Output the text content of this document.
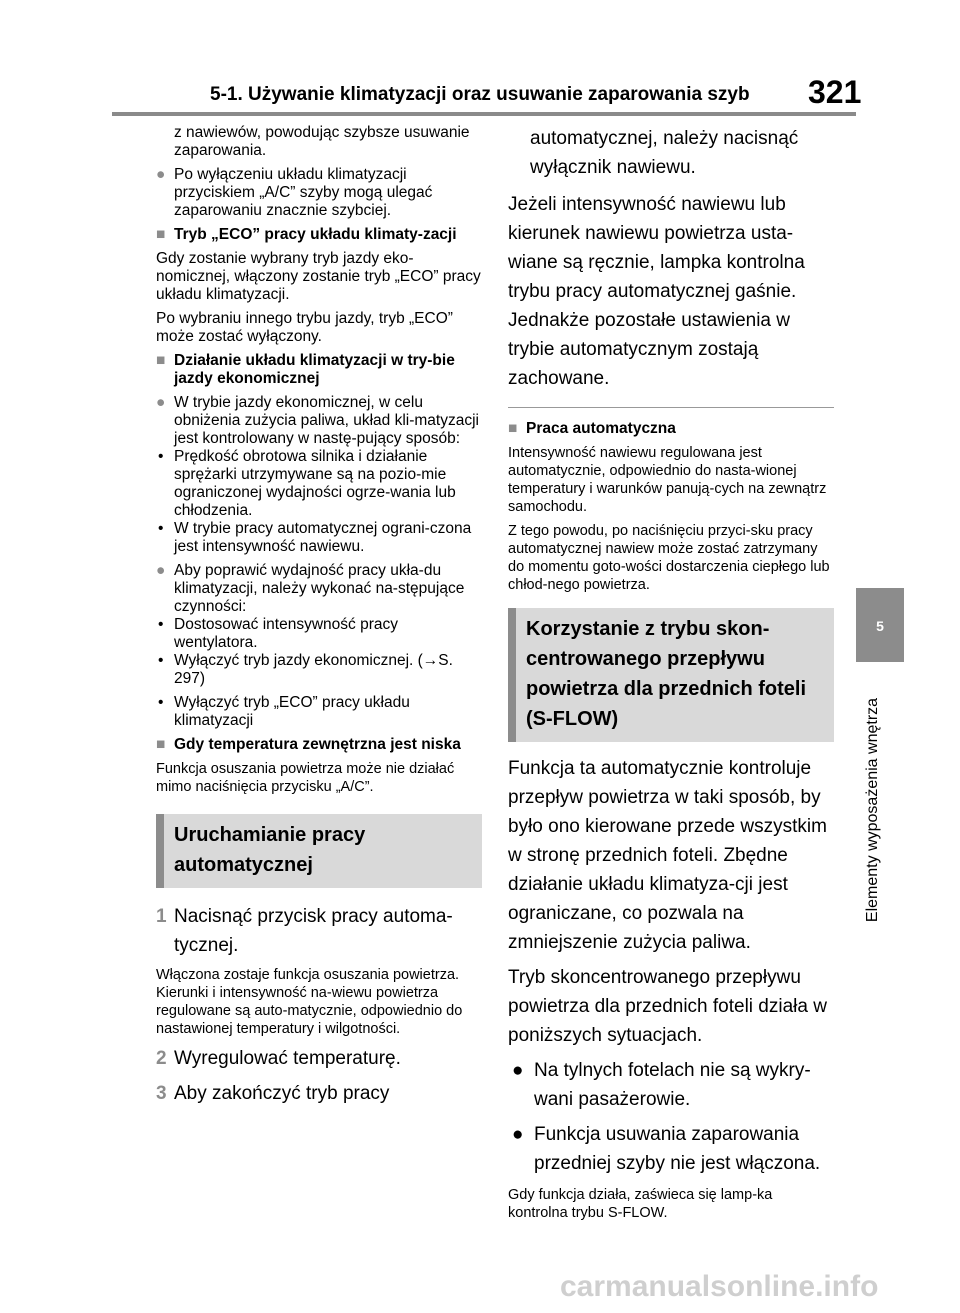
5-1. Używanie klimatyzacji oraz usuwanie zaparowania szyb 321
5
Elementy wyposażenia wnętrza

z nawiewów, powodując szybsze usuwanie zaparowania.

● Po wyłączeniu układu klimatyzacji przyciskiem „A/C” szyby mogą ulegać zaparowaniu znacznie szybciej.

■ Tryb „ECO” pracy układu klimaty-zacji

Gdy zostanie wybrany tryb jazdy eko-nomicznej, włączony zostanie tryb „ECO” pracy układu klimatyzacji.

Po wybraniu innego trybu jazdy, tryb „ECO” może zostać wyłączony.

■ Działanie układu klimatyzacji w try-bie jazdy ekonomicznej

● W trybie jazdy ekonomicznej, w celu obniżenia zużycia paliwa, układ kli-matyzacji jest kontrolowany w nastę-pujący sposób:

• Prędkość obrotowa silnika i działanie sprężarki utrzymywane są na pozio-mie ograniczonej wydajności ogrze-wania lub chłodzenia.

• W trybie pracy automatycznej ograni-czona jest intensywność nawiewu.

● Aby poprawić wydajność pracy ukła-du klimatyzacji, należy wykonać na-stępujące czynności:

• Dostosować intensywność pracy wentylatora.

• Wyłączyć tryb jazdy ekonomicznej. (→S. 297)

• Wyłączyć tryb „ECO” pracy układu klimatyzacji

■ Gdy temperatura zewnętrzna jest niska

Funkcja osuszania powietrza może nie działać mimo naciśnięcia przycisku „A/C”.

Uruchamianie pracy automatycznej

1 Nacisnąć przycisk pracy automa-tycznej.

Włączona zostaje funkcja osuszania powietrza. Kierunki i intensywność na-wiewu powietrza regulowane są auto-matycznie, odpowiednio do nastawionej temperatury i wilgotności.

2 Wyregulować temperaturę.

3 Aby zakończyć tryb pracy

automatycznej, należy nacisnąć wyłącznik nawiewu.

Jeżeli intensywność nawiewu lub kierunek nawiewu powietrza usta-wiane są ręcznie, lampka kontrolna trybu pracy automatycznej gaśnie. Jednakże pozostałe ustawienia w trybie automatycznym zostają zachowane.

■ Praca automatyczna

Intensywność nawiewu regulowana jest automatycznie, odpowiednio do nasta-wionej temperatury i warunków panują-cych na zewnątrz samochodu.

Z tego powodu, po naciśnięciu przyci-sku pracy automatycznej nawiew może zostać zatrzymany do momentu goto-wości dostarczenia ciepłego lub chłod-nego powietrza.

Korzystanie z trybu skon-centrowanego przepływu powietrza dla przednich foteli (S-FLOW)

Funkcja ta automatycznie kontroluje przepływ powietrza w taki sposób, by było ono kierowane przede wszystkim w stronę przednich foteli. Zbędne działanie układu klimatyza-cji jest ograniczane, co pozwala na zmniejszenie zużycia paliwa.

Tryb skoncentrowanego przepływu powietrza dla przednich foteli działa w poniższych sytuacjach.

● Na tylnych fotelach nie są wykry-wani pasażerowie.

● Funkcja usuwania zaparowania przedniej szyby nie jest włączona.

Gdy funkcja działa, zaświeca się lamp-ka kontrolna trybu S-FLOW.

carmanualsonline.info
